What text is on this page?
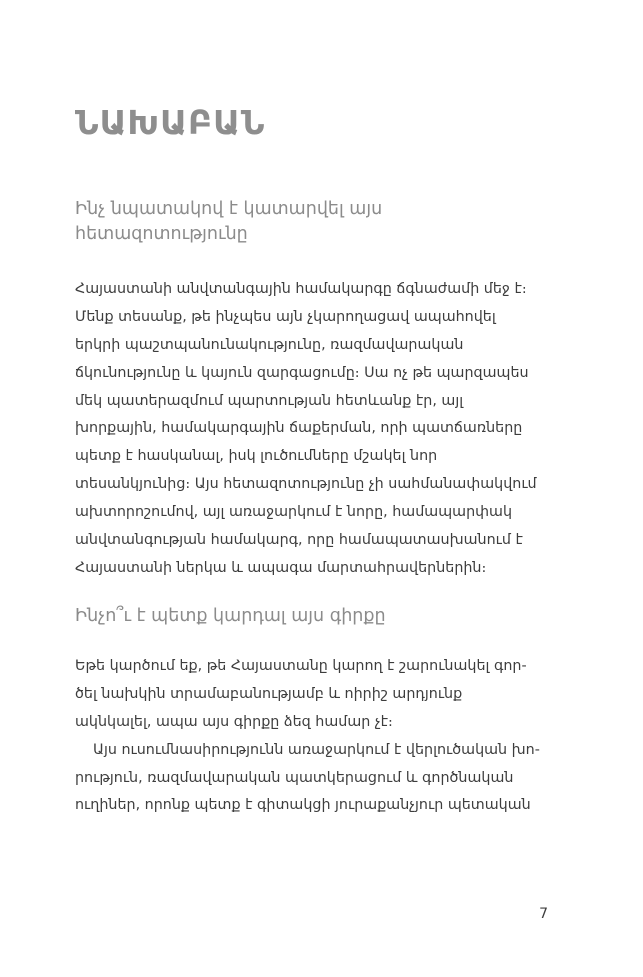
ՆԱԽԱԲԱՆ
Ինչ նպատակով է կատարվել այս հետազոտությունը

Հայաստանի անվտանգային համակարգը ճգնաժամի մեջ է։ Մենք տեսանք, թե ինչպես այն չկարողացավ ապահովել երկրի պաշտպանունակությունը, ռազմավարական ճկունությունը և կայուն զարգացումը։ Սա ոչ թե պարզապես մեկ պատերազմում պարտության հետևանք էր, այլ խորքային, համակարգային ճաքերման, որի պատճառները պետք է հասկանալ, իսկ լուծումները մշակել նոր տեսանկյունից։ Այս հետազոտությունը չի սահմանափակվում ախտորոշումով, այլ առաջարկում է նորը, համապարփակ անվտանգության համակարգ, որը համապատասխանում է Հայաստանի ներկա և ապագա մարտահրավերներին։

Ինչո՞ւ է պետք կարդալ այս գիրքը

Եթե կարծում եք, թե Հայաստանը կարող է շարունակել գործել նախկին տրամաբանությամբ և ոիրիշ արդյունք ակնկալել, ապա այս գիրքը ձեզ համար չէ։

Այս ուսումնասիրությունն առաջարկում է վերլուծական խորություն, ռազմավարական պատկերացում և գործնական ուղիներ, որոնք պետք է գիտակցի յուրաքանչյուր պետական

7
